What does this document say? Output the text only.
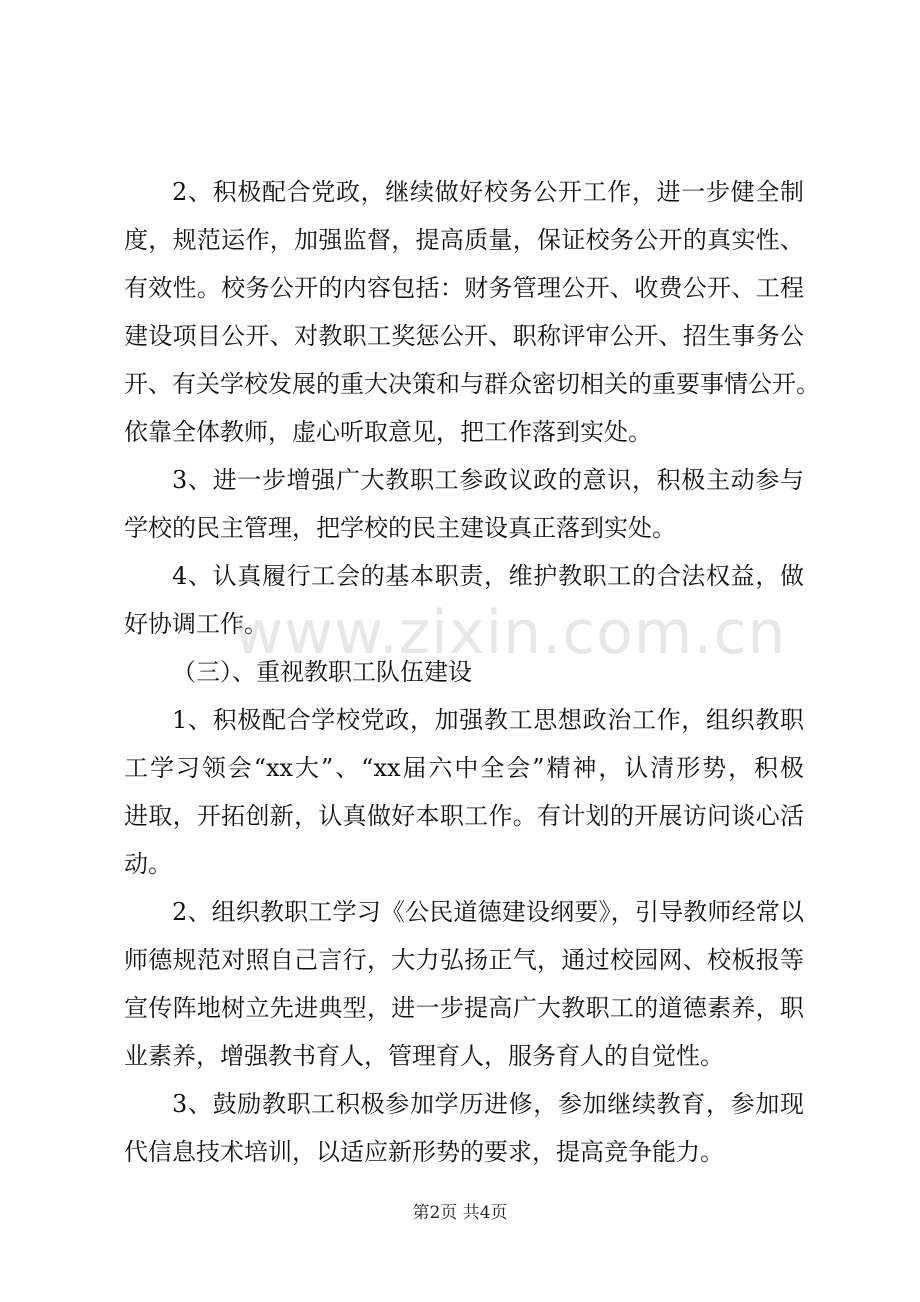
2、积极配合党政，继续做好校务公开工作，进一步健全制
度，规范运作，加强监督，提高质量，保证校务公开的真实性、
有效性。校务公开的内容包括：财务管理公开、收费公开、工程
建设项目公开、对教职工奖惩公开、职称评审公开、招生事务公
开、有关学校发展的重大决策和与群众密切相关的重要事情公开。
依靠全体教师，虚心听取意见，把工作落到实处。
3、进一步增强广大教职工参政议政的意识，积极主动参与
学校的民主管理，把学校的民主建设真正落到实处。
4、认真履行工会的基本职责，维护教职工的合法权益，做
好协调工作。
（三）、重视教职工队伍建设
1、积极配合学校党政，加强教工思想政治工作，组织教职
工学习领会“xx大”、“xx届六中全会”精神，认清形势，积极
进取，开拓创新，认真做好本职工作。有计划的开展访问谈心活
动。
2、组织教职工学习《公民道德建设纲要》，引导教师经常以
师德规范对照自己言行，大力弘扬正气，通过校园网、校板报等
宣传阵地树立先进典型，进一步提高广大教职工的道德素养，职
业素养，增强教书育人，管理育人，服务育人的自觉性。
3、鼓励教职工积极参加学历进修，参加继续教育，参加现
代信息技术培训，以适应新形势的要求，提高竞争能力。
www.zixin.com.cn
第2页 共4页
